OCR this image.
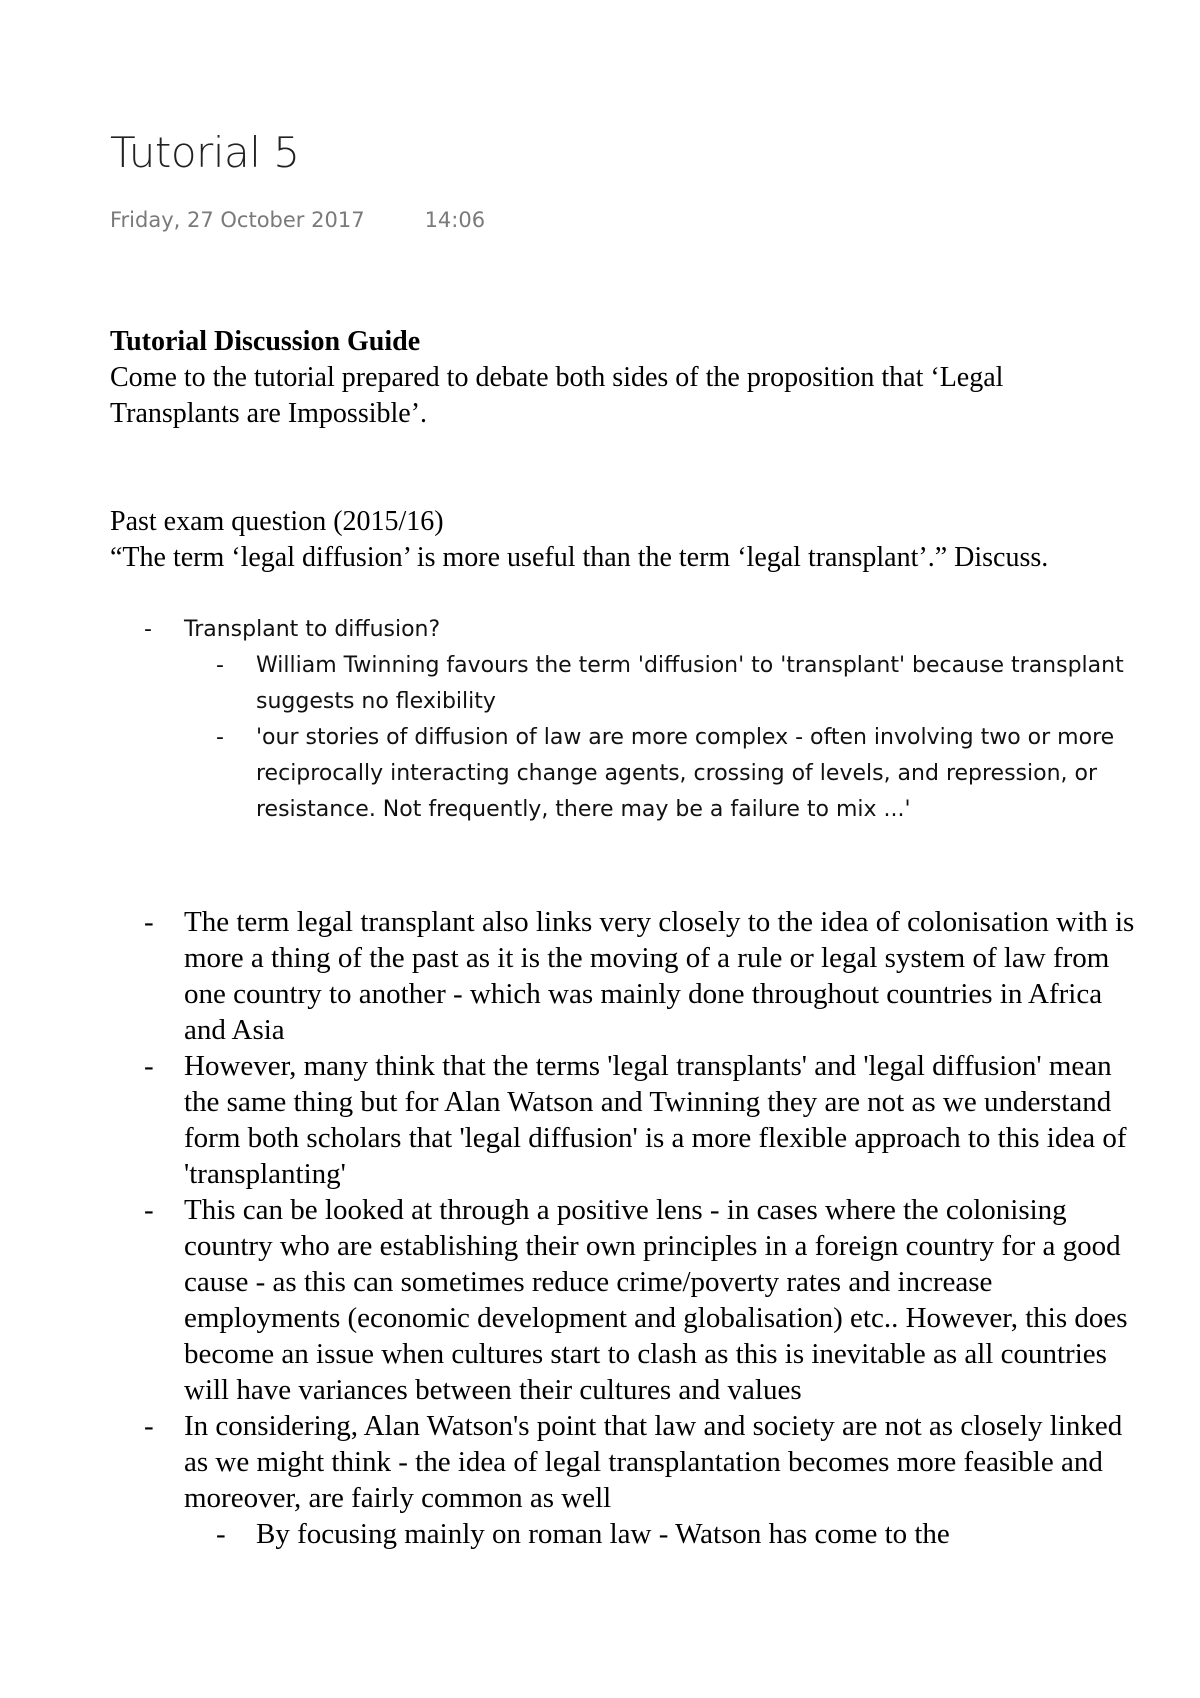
Tutorial 5
Friday, 27 October 2017	14:06
Tutorial Discussion Guide

Come to the tutorial prepared to debate both sides of the proposition that ‘Legal Transplants are Impossible’.

Past exam question (2015/16)

“The term ‘legal diffusion’ is more useful than the term ‘legal transplant’.” Discuss.

- Transplant to diffusion?
- William Twinning favours the term 'diffusion' to 'transplant' because transplant suggests no flexibility
- 'our stories of diffusion of law are more complex - often involving two or more reciprocally interacting change agents, crossing of levels, and repression, or resistance. Not frequently, there may be a failure to mix ...'
- The term legal transplant also links very closely to the idea of colonisation with is more a thing of the past as it is the moving of a rule or legal system of law from one country to another - which was mainly done throughout countries in Africa and Asia
- However, many think that the terms 'legal transplants' and 'legal diffusion' mean the same thing but for Alan Watson and Twinning they are not as we understand form both scholars that 'legal diffusion' is a more flexible approach to this idea of 'transplanting'
- This can be looked at through a positive lens - in cases where the colonising country who are establishing their own principles in a foreign country for a good cause - as this can sometimes reduce crime/poverty rates and increase employments (economic development and globalisation) etc.. However, this does become an issue when cultures start to clash as this is inevitable as all countries will have variances between their cultures and values
- In considering, Alan Watson's point that law and society are not as closely linked as we might think - the idea of legal transplantation becomes more feasible and moreover, are fairly common as well
- By focusing mainly on roman law - Watson has come to the
